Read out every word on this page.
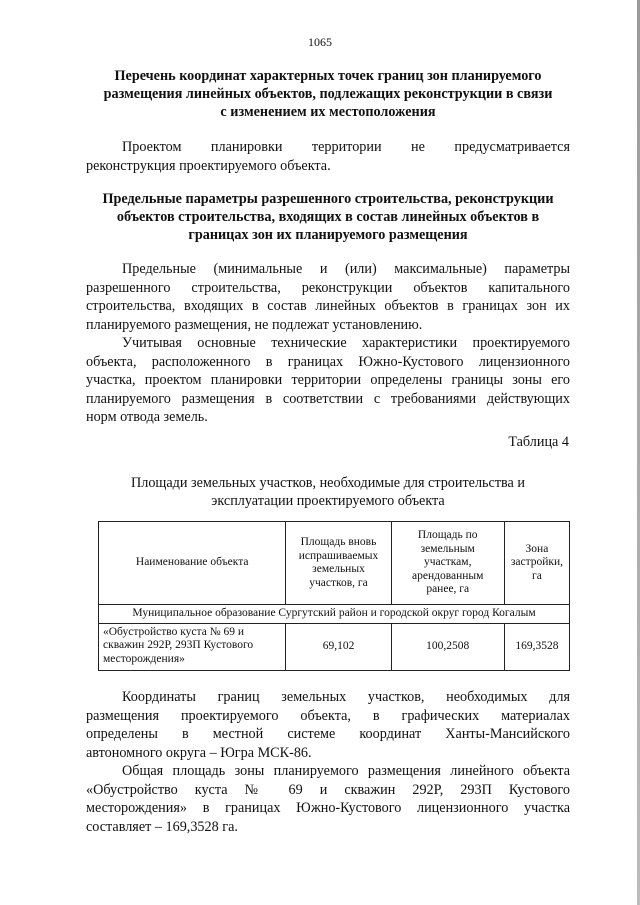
1065
Перечень координат характерных точек границ зон планируемого
размещения линейных объектов, подлежащих реконструкции в связи
с изменением их местоположения
Проектом планировки территории не предусматривается
реконструкция проектируемого объекта.
Предельные параметры разрешенного строительства, реконструкции
объектов строительства, входящих в состав линейных объектов в
границах зон их планируемого размещения
Предельные (минимальные и (или) максимальные) параметры
разрешенного строительства, реконструкции объектов капитального
строительства, входящих в состав линейных объектов в границах зон их
планируемого размещения, не подлежат установлению.
Учитывая основные технические характеристики проектируемого
объекта, расположенного в границах Южно-Кустового лицензионного
участка, проектом планировки территории определены границы зоны его
планируемого размещения в соответствии с требованиями действующих
норм отвода земель.
Таблица 4
Площади земельных участков, необходимые для строительства и
эксплуатации проектируемого объекта
Наименование объекта	Площадь вновь испрашиваемых земельных участков, га	Площадь по земельным участкам, арендованным ранее, га	Зона застройки, га
Муниципальное образование Сургутский район и городской округ город Когалым			
«Обустройство куста № 69 и скважин 292Р, 293П Кустового месторождения»	69,102	100,2508	169,3528
Координаты границ земельных участков, необходимых для
размещения проектируемого объекта, в графических материалах
определены в местной системе координат Ханты-Мансийского
автономного округа – Югра МСК-86.
Общая площадь зоны планируемого размещения линейного объекта
«Обустройство куста № 69 и скважин 292Р, 293П Кустового
месторождения» в границах Южно-Кустового лицензионного участка
составляет – 169,3528 га.
